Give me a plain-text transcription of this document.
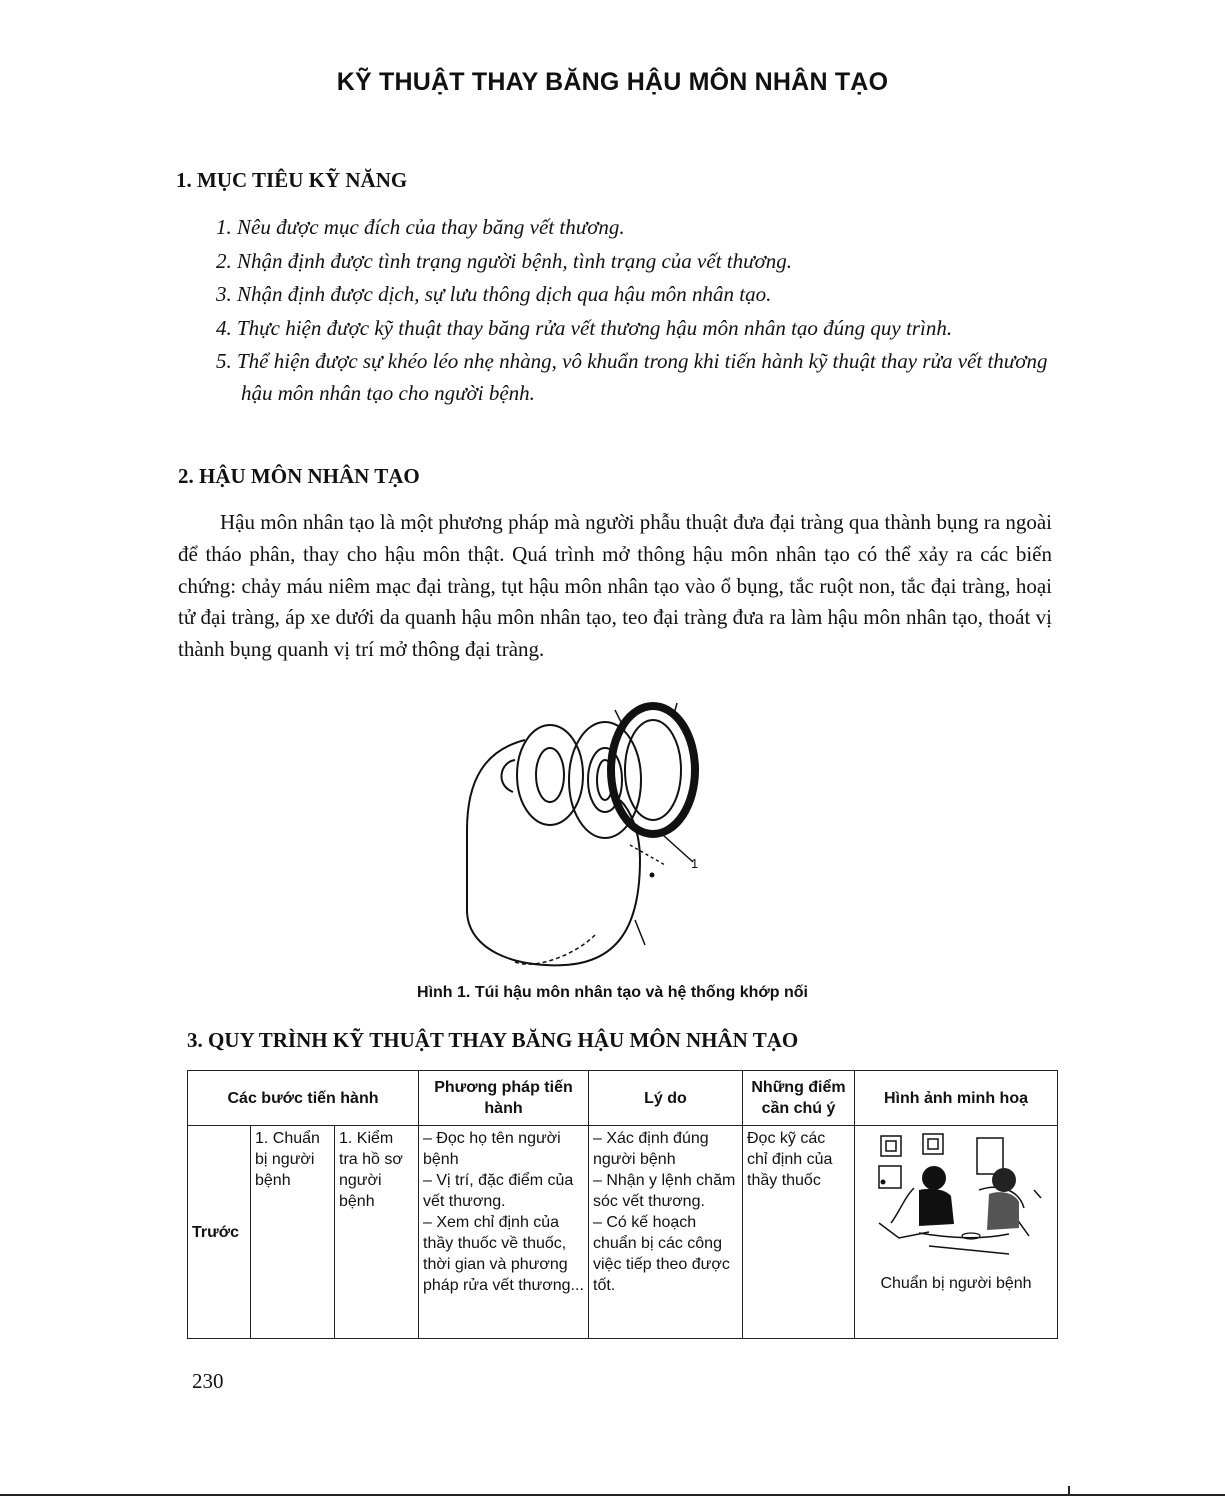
KỸ THUẬT THAY BĂNG HẬU MÔN NHÂN TẠO
1. MỤC TIÊU KỸ NĂNG
1. Nêu được mục đích của thay băng vết thương.
2. Nhận định được tình trạng người bệnh, tình trạng của vết thương.
3. Nhận định được dịch, sự lưu thông dịch qua hậu môn nhân tạo.
4. Thực hiện được kỹ thuật thay băng rửa vết thương hậu môn nhân tạo đúng quy trình.
5. Thể hiện được sự khéo léo nhẹ nhàng, vô khuẩn trong khi tiến hành kỹ thuật thay rửa vết thương hậu môn nhân tạo cho người bệnh.
2. HẬU MÔN NHÂN TẠO

Hậu môn nhân tạo là một phương pháp mà người phẫu thuật đưa đại tràng qua thành bụng ra ngoài để tháo phân, thay cho hậu môn thật. Quá trình mở thông hậu môn nhân tạo có thể xảy ra các biến chứng: chảy máu niêm mạc đại tràng, tụt hậu môn nhân tạo vào ổ bụng, tắc ruột non, tắc đại tràng, hoại tử đại tràng, áp xe dưới da quanh hậu môn nhân tạo, teo đại tràng đưa ra làm hậu môn nhân tạo, thoát vị thành bụng quanh vị trí mở thông đại tràng.

1

Hình 1. Túi hậu môn nhân tạo và hệ thống khớp nối

3. QUY TRÌNH KỸ THUẬT THAY BĂNG HẬU MÔN NHÂN TẠO
Các bước tiến hành			Phương pháp tiến hành	Lý do	Những điểm cần chú ý	Hình ảnh minh hoạ
Trước	1. Chuẩn bị người bệnh	1. Kiểm tra hồ sơ người bệnh	– Đọc họ tên người bệnh
– Vị trí, đặc điểm của vết thương.
– Xem chỉ định của thầy thuốc về thuốc, thời gian và phương pháp rửa vết thương...	– Xác định đúng người bệnh
– Nhận y lệnh chăm sóc vết thương.
– Có kế hoạch chuẩn bị các công việc tiếp theo được tốt.	Đọc kỹ các chỉ định của thầy thuốc	Chuẩn bị người bệnh

230
